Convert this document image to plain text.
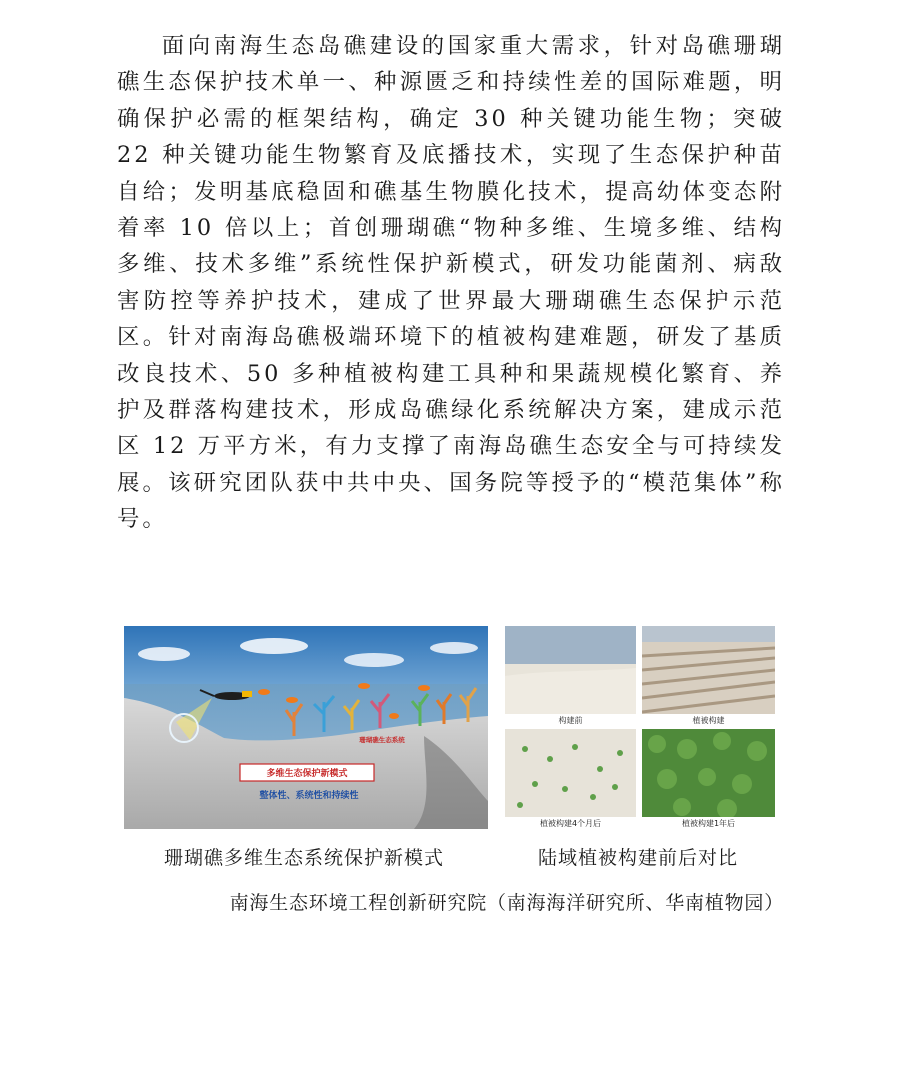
面向南海生态岛礁建设的国家重大需求，针对岛礁珊瑚礁生态保护技术单一、种源匮乏和持续性差的国际难题，明确保护必需的框架结构，确定 30 种关键功能生物；突破 22 种关键功能生物繁育及底播技术，实现了生态保护种苗自给；发明基底稳固和礁基生物膜化技术，提高幼体变态附着率 10 倍以上；首创珊瑚礁“物种多维、生境多维、结构多维、技术多维”系统性保护新模式，研发功能菌剂、病敌害防控等养护技术，建成了世界最大珊瑚礁生态保护示范区。针对南海岛礁极端环境下的植被构建难题，研发了基质改良技术、50 多种植被构建工具种和果蔬规模化繁育、养护及群落构建技术，形成岛礁绿化系统解决方案，建成示范区 12 万平方米，有力支撑了南海岛礁生态安全与可持续发展。该研究团队获中共中央、国务院等授予的“模范集体”称号。

多维生态保护新模式
整体性、系统性和持续性
珊瑚礁生态系统
构建前	植被构建
植被构建4个月后	植被构建1年后
珊瑚礁多维生态系统保护新模式	陆域植被构建前后对比
南海生态环境工程创新研究院（南海海洋研究所、华南植物园）
